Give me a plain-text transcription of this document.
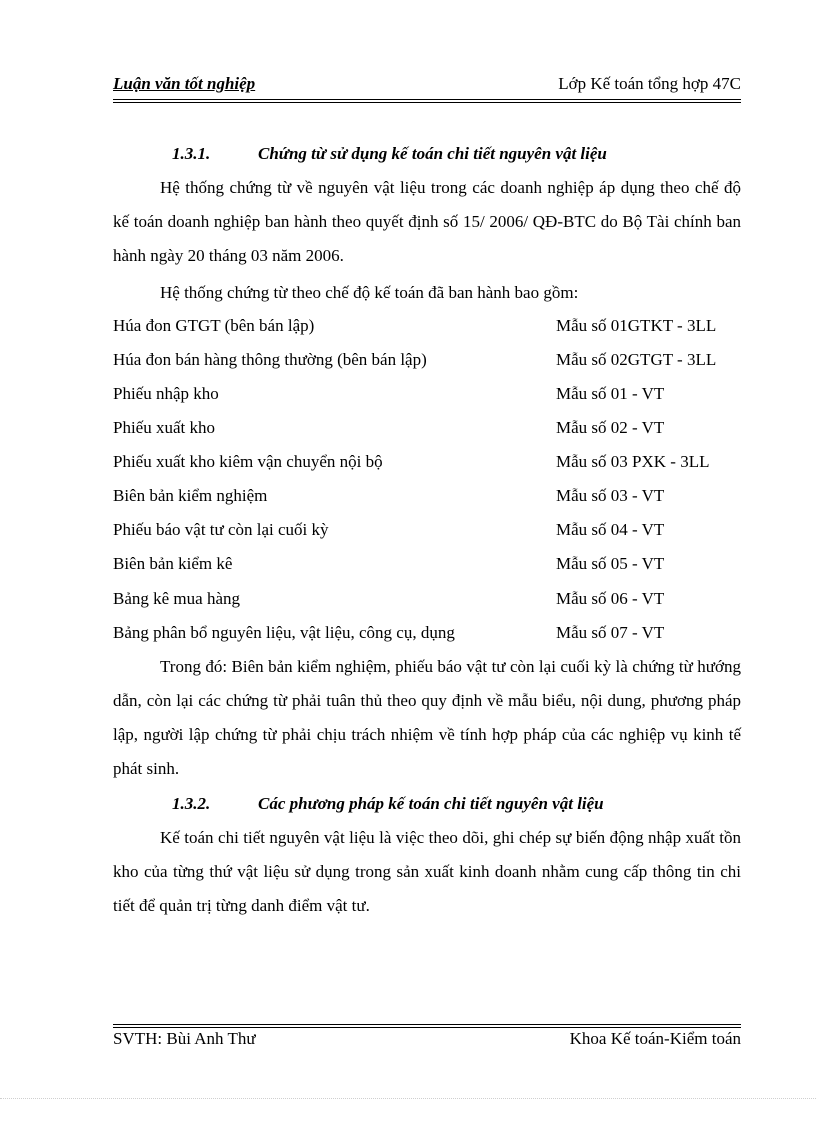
Luận văn tốt nghiệp	Lớp Kế toán tổng hợp 47C
1.3.1.	Chứng từ sử dụng kế toán chi tiết nguyên vật liệu
Hệ thống chứng từ về nguyên vật liệu trong các doanh nghiệp áp dụng theo chế độ kế toán doanh nghiệp ban hành theo quyết định số 15/ 2006/ QĐ-BTC do Bộ Tài chính ban hành ngày 20 tháng 03 năm 2006.
Hệ thống chứng từ theo chế độ kế toán đã ban hành bao gồm:
Húa đon GTGT (bên bán lập)	Mẫu số 01GTKT - 3LL
Húa đon bán hàng thông thường (bên bán lập)	Mẫu số 02GTGT - 3LL
Phiếu nhập kho	Mẫu số 01 - VT
Phiếu xuất kho	Mẫu số 02 - VT
Phiếu xuất kho kiêm vận chuyển nội bộ	Mẫu số 03 PXK - 3LL
Biên bản kiểm nghiệm	Mẫu số 03 - VT
Phiếu báo vật tư còn lại cuối kỳ	Mẫu số 04 - VT
Biên bản kiểm kê	Mẫu số 05 - VT
Bảng kê mua hàng	Mẫu số 06 - VT
Bảng phân bổ nguyên liệu, vật liệu, công cụ, dụng	Mẫu số 07 - VT
Trong đó: Biên bản kiểm nghiệm, phiếu báo vật tư còn lại cuối kỳ là chứng từ hướng dẫn, còn lại các chứng từ phải tuân thủ theo quy định về mẫu biểu, nội dung, phương pháp lập, người lập chứng từ phải chịu trách nhiệm về tính hợp pháp của các nghiệp vụ kinh tế phát sinh.
1.3.2.	Các phương pháp kế toán chi tiết nguyên vật liệu
Kế toán chi tiết nguyên vật liệu là việc theo dõi, ghi chép sự biến động nhập xuất tồn kho của từng thứ vật liệu sử dụng trong sản xuất kinh doanh nhằm cung cấp thông tin chi tiết để quản trị từng danh điểm vật tư.
SVTH: Bùi Anh Thư	Khoa Kế toán-Kiểm toán
